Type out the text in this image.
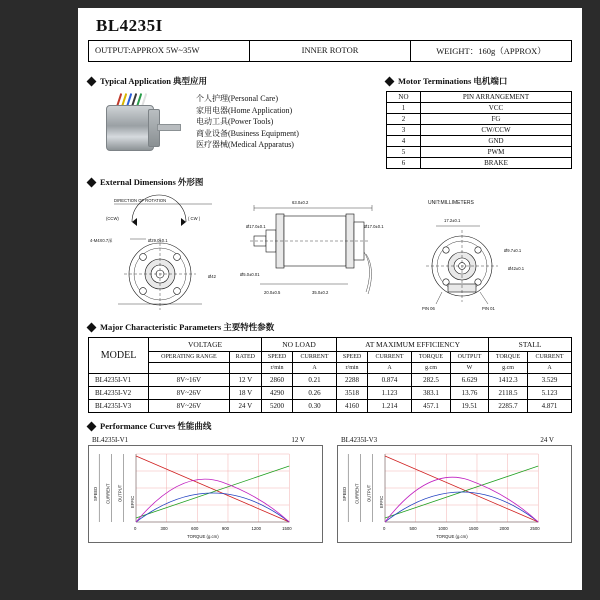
BL4235I
OUTPUT:APPROX 5W~35W	INNER ROTOR	WEIGHT：160g（APPROX）
Typical Application 典型应用
个人护理(Personal Care)
家用电器(Home Application)
电动工具(Power Tools)
商业设备(Business Equipment)
医疗器械(Medical Apparatus)
Motor Terminations 电机端口
NO	PIN ARRANGEMENT
1	VCC
2	FG
3	CW/CCW
4	GND
5	PWM
6	BRAKE
External Dimensions 外形图
DIRECTION OF ROTATION
(CCW)	( CW )
4-M4X0.7深	Ø29.0±0.1
Ø42
63.0±0.2
Ø5.0±0.01
Ø17.0±0.1	Ø17.0±0.1
20.0±0.5	35.0±0.2
UNIT:MILLIMETERS
17.2±0.1
Ø9.7±0.1
Ø42±0.1
PIN 06	PIN 01
Major Characteristic Parameters 主要特性参数
MODEL	VOLTAGE		NO LOAD		AT MAXIMUM EFFICIENCY				STALL	
	OPERATING RANGE	RATED	SPEED	CURRENT	SPEED	CURRENT	TORQUE	OUTPUT	TORQUE	CURRENT
			r/min	A	r/min	A	g.cm	W	g.cm	A
BL4235I-V1	8V~16V	12 V	2860	0.21	2288	0.874	282.5	6.629	1412.3	3.529
BL4235I-V2	8V~26V	18 V	4290	0.26	3518	1.123	383.1	13.76	2118.5	5.123
BL4235I-V3	8V~26V	24 V	5200	0.30	4160	1.214	457.1	19.51	2285.7	4.871
Performance Curves 性能曲线
BL4235I-V1	12 V
SPEED CURRENT OUTPUT EFFIC
0	300	600	900	1200	1500
TORQUE (g.cm)
BL4235I-V3	24 V
SPEED CURRENT OUTPUT EFFIC
0	500	1000	1500	2000	2500
TORQUE (g.cm)
